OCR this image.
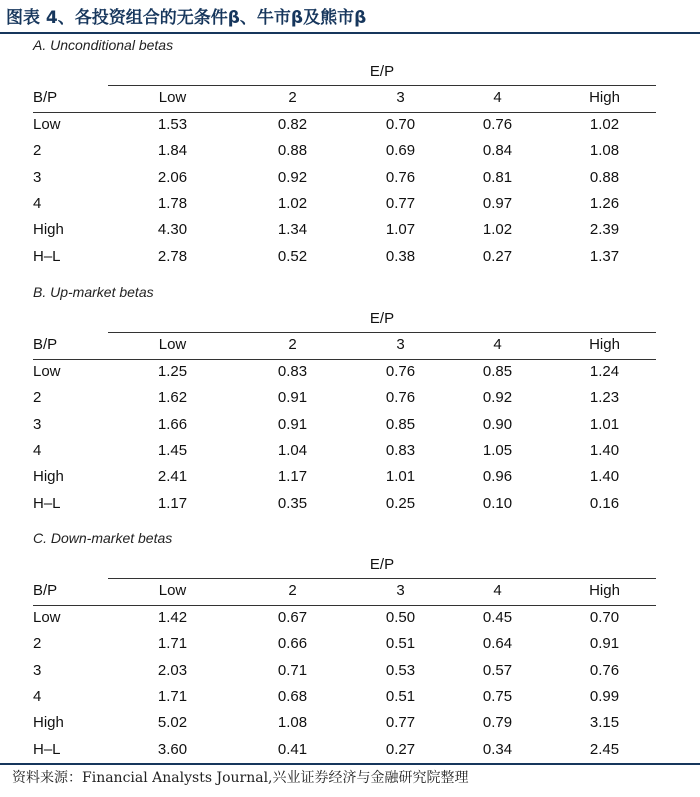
图表 4、各投资组合的无条件β、牛市β及熊市β
A. Unconditional betas
E/P
B/P	Low	2	3	4	High
Low	1.53	0.82	0.70	0.76	1.02
2	1.84	0.88	0.69	0.84	1.08
3	2.06	0.92	0.76	0.81	0.88
4	1.78	1.02	0.77	0.97	1.26
High	4.30	1.34	1.07	1.02	2.39
H–L	2.78	0.52	0.38	0.27	1.37
B. Up-market betas
E/P
B/P	Low	2	3	4	High
Low	1.25	0.83	0.76	0.85	1.24
2	1.62	0.91	0.76	0.92	1.23
3	1.66	0.91	0.85	0.90	1.01
4	1.45	1.04	0.83	1.05	1.40
High	2.41	1.17	1.01	0.96	1.40
H–L	1.17	0.35	0.25	0.10	0.16
C. Down-market betas
E/P
B/P	Low	2	3	4	High
Low	1.42	0.67	0.50	0.45	0.70
2	1.71	0.66	0.51	0.64	0.91
3	2.03	0.71	0.53	0.57	0.76
4	1.71	0.68	0.51	0.75	0.99
High	5.02	1.08	0.77	0.79	3.15
H–L	3.60	0.41	0.27	0.34	2.45
资料来源：Financial Analysts Journal,兴业证券经济与金融研究院整理
